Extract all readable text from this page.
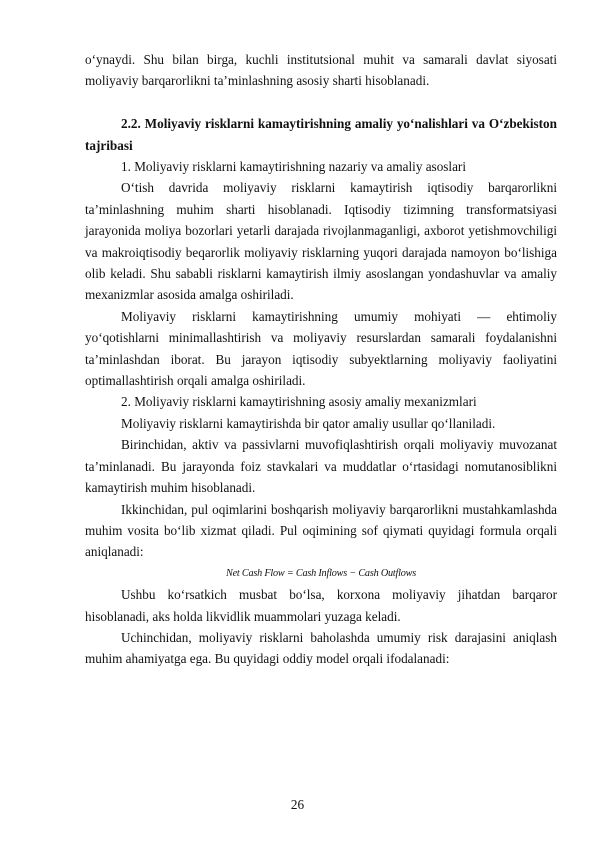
o‘ynaydi. Shu bilan birga, kuchli institutsional muhit va samarali davlat siyosati moliyaviy barqarorlikni ta’minlashning asosiy sharti hisoblanadi.

2.2. Moliyaviy risklarni kamaytirishning amaliy yo‘nalishlari va O‘zbekiston tajribasi

1. Moliyaviy risklarni kamaytirishning nazariy va amaliy asoslari

O‘tish davrida moliyaviy risklarni kamaytirish iqtisodiy barqarorlikni ta’minlashning muhim sharti hisoblanadi. Iqtisodiy tizimning transformatsiyasi jarayonida moliya bozorlari yetarli darajada rivojlanmaganligi, axborot yetishmovchiligi va makroiqtisodiy beqarorlik moliyaviy risklarning yuqori darajada namoyon bo‘lishiga olib keladi. Shu sababli risklarni kamaytirish ilmiy asoslangan yondashuvlar va amaliy mexanizmlar asosida amalga oshiriladi.

Moliyaviy risklarni kamaytirishning umumiy mohiyati — ehtimoliy yo‘qotishlarni minimallashtirish va moliyaviy resurslardan samarali foydalanishni ta’minlashdan iborat. Bu jarayon iqtisodiy subyektlarning moliyaviy faoliyatini optimallashtirish orqali amalga oshiriladi.

2. Moliyaviy risklarni kamaytirishning asosiy amaliy mexanizmlari

Moliyaviy risklarni kamaytirishda bir qator amaliy usullar qo‘llaniladi.

Birinchidan, aktiv va passivlarni muvofiqlashtirish orqali moliyaviy muvozanat ta’minlanadi. Bu jarayonda foiz stavkalari va muddatlar o‘rtasidagi nomutanosiblikni kamaytirish muhim hisoblanadi.

Ikkinchidan, pul oqimlarini boshqarish moliyaviy barqarorlikni mustahkamlashda muhim vosita bo‘lib xizmat qiladi. Pul oqimining sof qiymati quyidagi formula orqali aniqlanadi:

Net Cash Flow = Cash Inflows − Cash Outflows

Ushbu ko‘rsatkich musbat bo‘lsa, korxona moliyaviy jihatdan barqaror hisoblanadi, aks holda likvidlik muammolari yuzaga keladi.

Uchinchidan, moliyaviy risklarni baholashda umumiy risk darajasini aniqlash muhim ahamiyatga ega. Bu quyidagi oddiy model orqali ifodalanadi:

26
